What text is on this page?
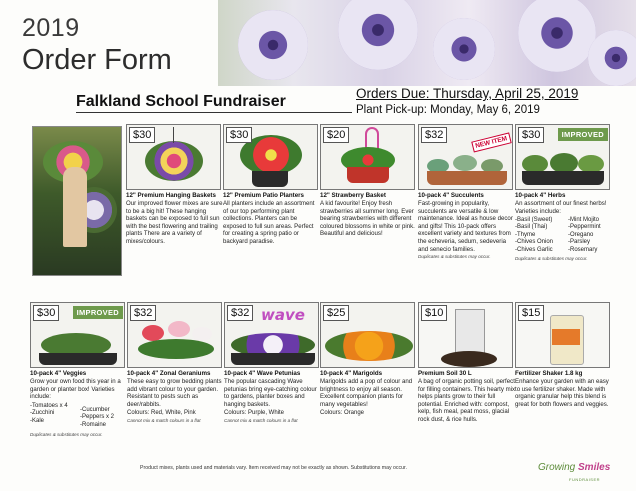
2019
Order Form
Falkland School Fundraiser	Orders Due: Thursday, April 25, 2019
Plant Pick-up: Monday, May 6, 2019
$30
12" Premium Hanging Baskets
Our improved flower mixes are sure to be a big hit! These hanging baskets can be exposed to full sun with the best flowering and trailing plants There are a variety of mixes/colours.
$30
12" Premium Patio Planters
All planters include an assortment of our top performing plant collections. Planters can be exposed to full sun areas. Perfect for creating a spring patio or backyard paradise.
$20
12" Strawberry Basket
A kid favourite! Enjoy fresh strawberries all summer long. Ever bearing strawberries with different coloured blossoms in white or pink. Beautiful and delicious!
$32
NEW ITEM
10-pack 4" Succulents
Fast-growing in popularity, succulents are versatile & low maintenance. Ideal as house decor and gifts! This 10-pack offers excellent variety and textures from the echeveria, sedum, sedeveria and senecio families.
Duplicates & substitutes may occur.
$30	IMPROVED
10-pack 4" Herbs
An assortment of our finest herbs! Varieties include:
-Basil (Sweet)
-Basil (Thai)
-Thyme
-Chives Onion
-Chives Garlic
-Mint Mojito
-Peppermint
-Oregano
-Parsley
-Rosemary
Duplicates & substitutes may occur.
$30	IMPROVED
10-pack 4" Veggies
Grow your own food this year in a garden or planter box! Varieties include:
-Tomatoes x 4
-Zucchini
-Kale
-Cucumber
-Peppers x 2
-Romaine
Duplicates & substitutes may occur.
$32
10-pack 4" Zonal Geraniums
These easy to grow bedding plants add vibrant colour to your garden. Resistant to pests such as deer/rabbits.
Colours: Red, White, Pink
Cannot mix & match colours in a flat
$32 wave
10-pack 4" Wave Petunias
The popular cascading Wave petunias bring eye-catching colour to gardens, planter boxes and hanging baskets.
Colours: Purple, White
Cannot mix & match colours in a flat
$25
10-pack 4" Marigolds
Marigolds add a pop of colour and brightness to enjoy all season. Excellent companion plants for many vegetables!
Colours: Orange
$10
Premium Soil 30 L
A bag of organic potting soil, perfect for filling containers. This hearty mix helps plants grow to their full potential. Enriched with: compost, kelp, fish meal, peat moss, glacial rock dust, & rice hulls.
$15
Fertilizer Shaker 1.8 kg
Enhance your garden with an easy to use fertilizer shaker. Made with organic granular help this blend is great for both flowers and veggies.
Product mixes, plants used and materials vary. Item received may not be exactly as shown. Substitutions may occur.	Growing Smiles
FUNDRAISER
